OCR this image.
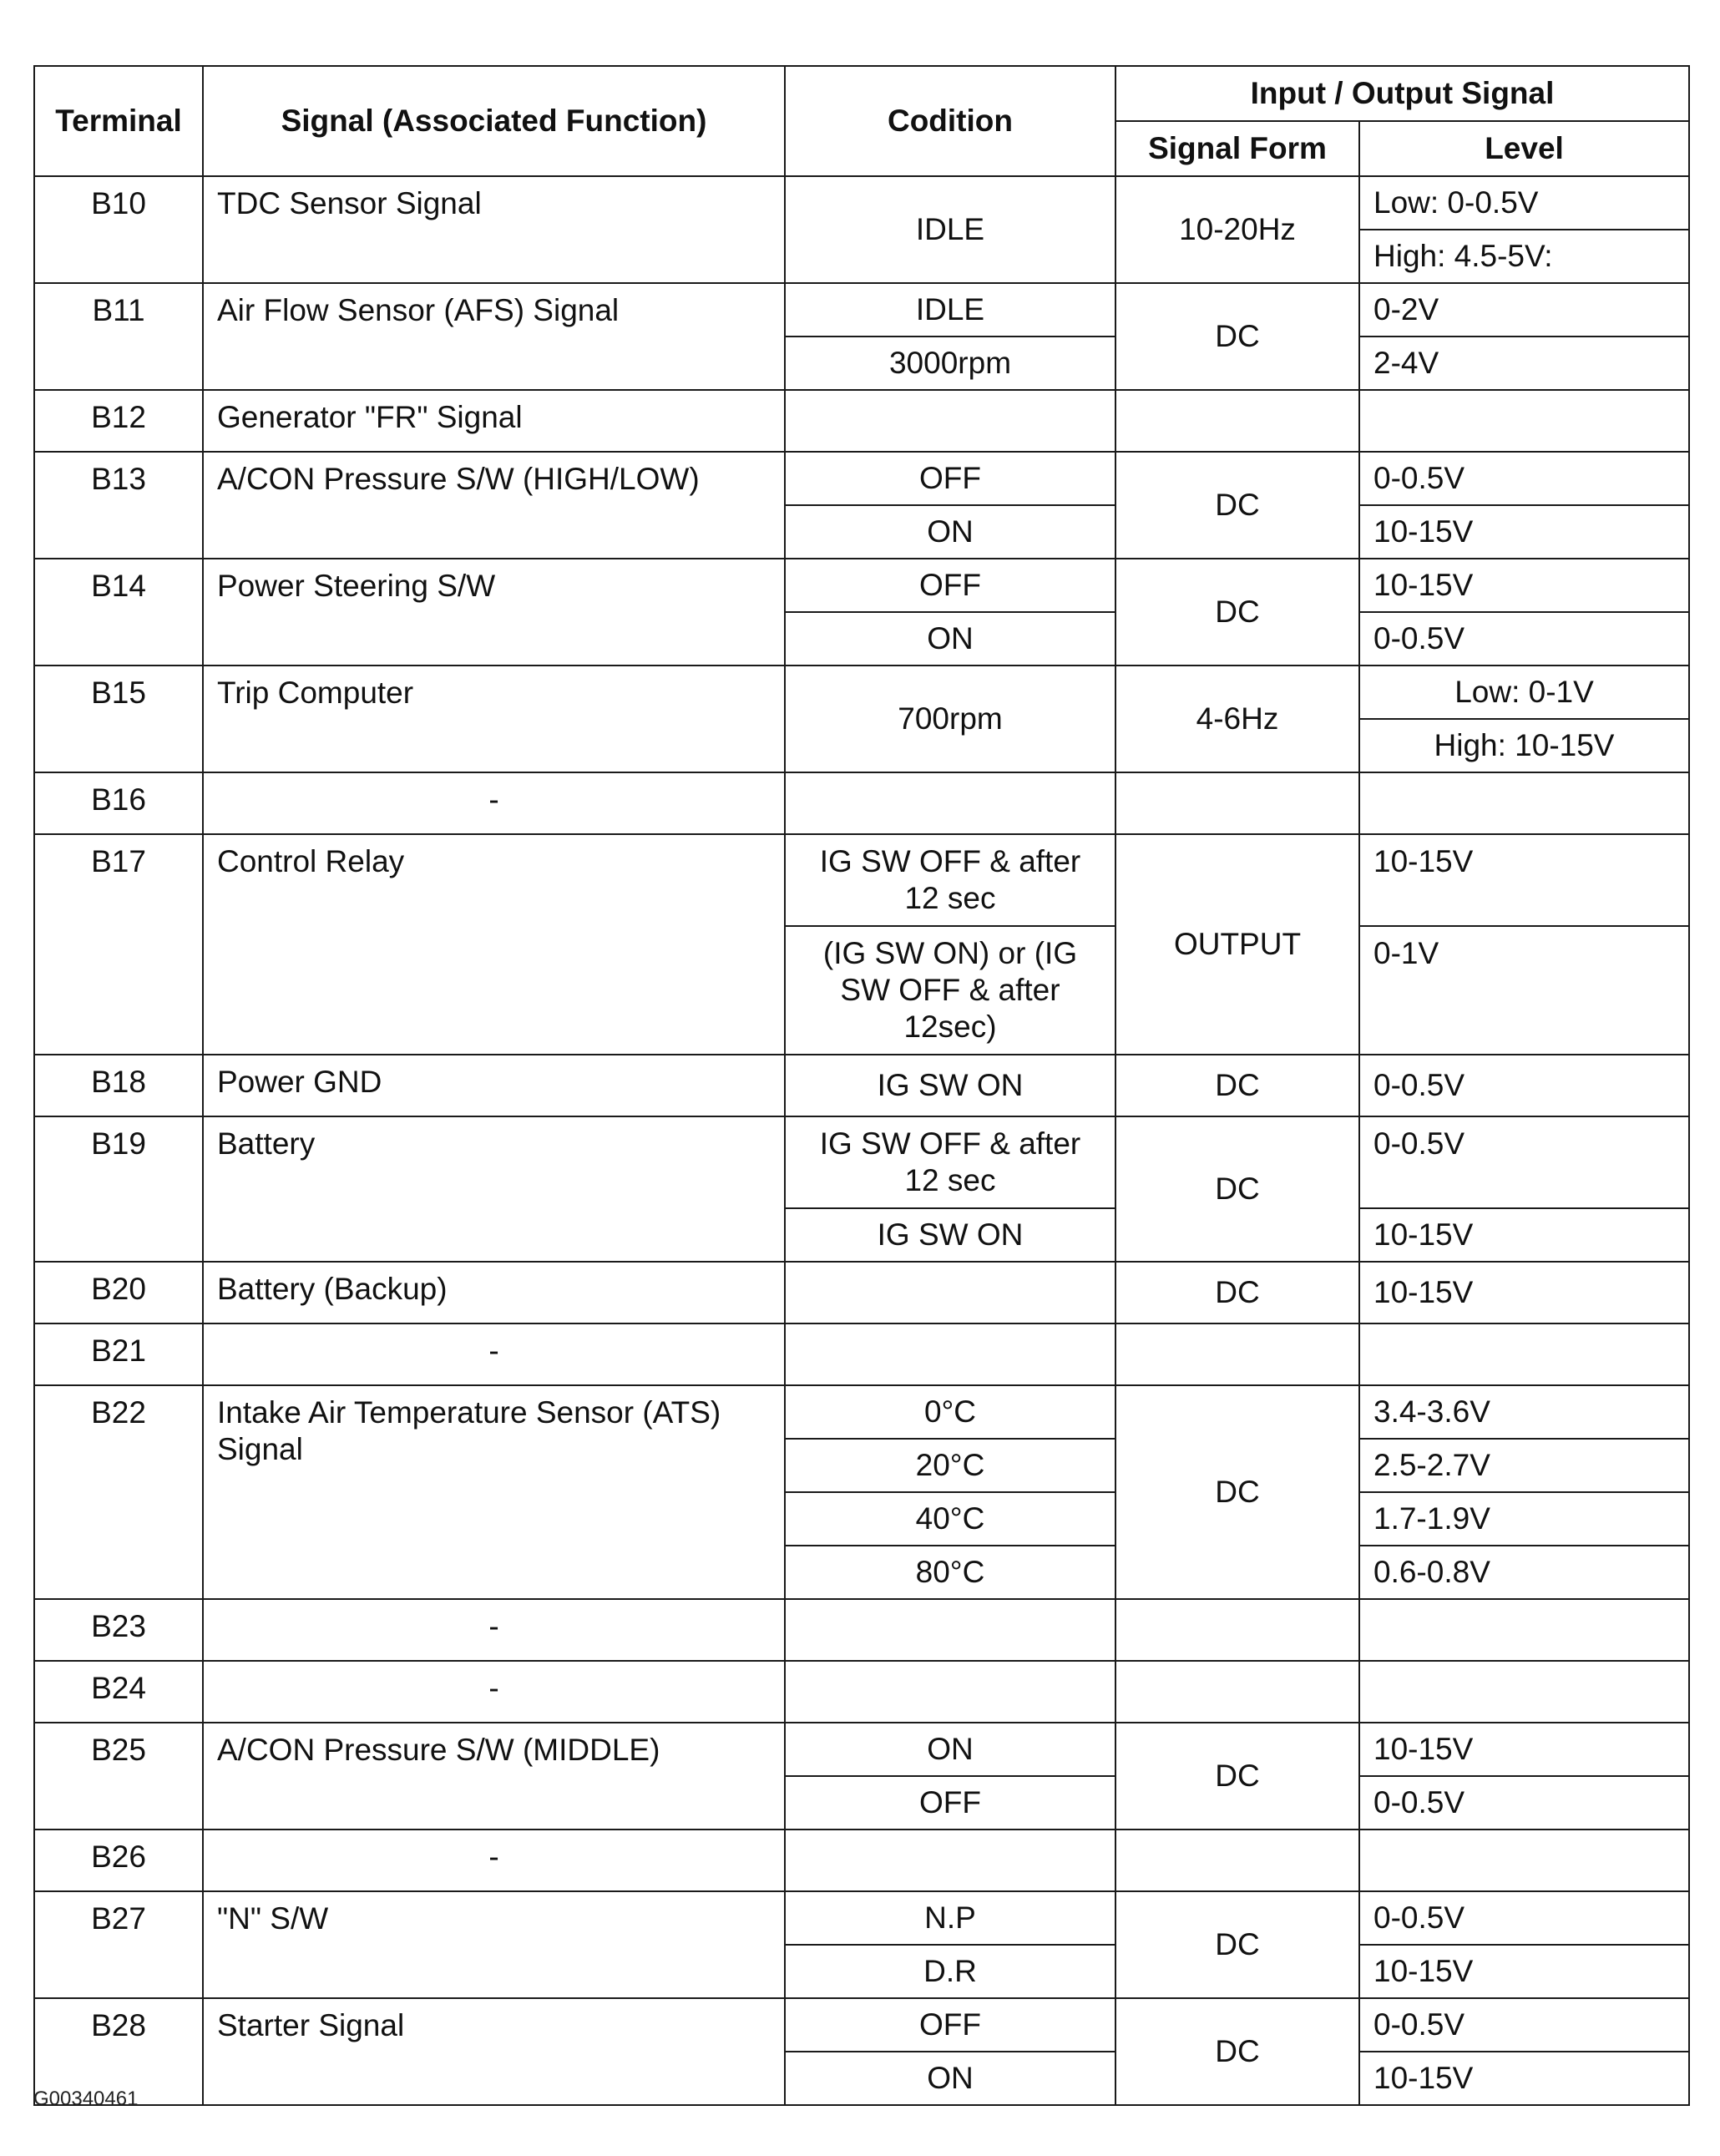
Terminal	Signal (Associated Function)	Codition	Input / Output Signal	
			Signal Form	Level
B10	TDC Sensor Signal	IDLE	10-20Hz	Low: 0-0.5V
				High: 4.5-5V:
B11	Air Flow Sensor (AFS) Signal	IDLE	DC	0-2V
		3000rpm		2-4V
B12	Generator "FR" Signal			
B13	A/CON Pressure S/W (HIGH/LOW)	OFF	DC	0-0.5V
		ON		10-15V
B14	Power Steering S/W	OFF	DC	10-15V
		ON		0-0.5V
B15	Trip Computer	700rpm	4-6Hz	Low: 0-1V
				High: 10-15V
B16	-			
B17	Control Relay	IG SW OFF & after 12 sec	OUTPUT	10-15V
		(IG SW ON) or (IG SW OFF & after 12sec)		0-1V
B18	Power GND	IG SW ON	DC	0-0.5V
B19	Battery	IG SW OFF & after 12 sec	DC	0-0.5V
		IG SW ON		10-15V
B20	Battery (Backup)		DC	10-15V
B21	-			
B22	Intake Air Temperature Sensor (ATS) Signal	0°C	DC	3.4-3.6V
		20°C		2.5-2.7V
		40°C		1.7-1.9V
		80°C		0.6-0.8V
B23	-			
B24	-			
B25	A/CON Pressure S/W (MIDDLE)	ON	DC	10-15V
		OFF		0-0.5V
B26	-			
B27	"N" S/W	N.P	DC	0-0.5V
		D.R		10-15V
B28	Starter Signal	OFF	DC	0-0.5V
		ON		10-15V
G00340461
